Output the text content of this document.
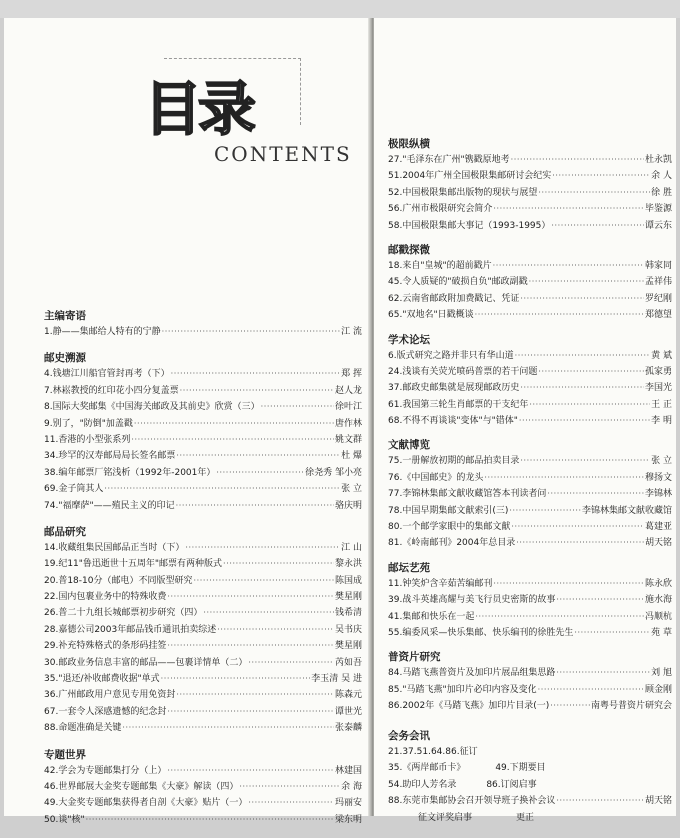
目录
CONTENTS
主编寄语
1.静——集邮给人特有的宁静 ·····	江 流
邮史溯源
4.钱塘江川船官管封再考（下） ·····	郑 挥
7.林崧教授的红印花小四分复盖票 ·····	赵人龙
8.国际大奖邮集《中国海关邮政及其前史》欣赏（三） ·····	徐叶江
9.别了，"防倒"加盖戳 ·····	唐作林
11.香港的小型张系列 ·····	姚文群
34.珍罕的汉寿邮局局长签名邮票 ·····	杜 爆
38.编年邮票厂铭浅析（1992年-2001年） ·····	徐尧秀 邹小亮
69.金子筒其人 ·····	张 立
74."福摩萨"——殖民主义的印记 ·····	骆庆明
邮品研究
14.收藏组集民国邮品正当时（下） ·····	江 山
19.纪11"鲁迅逝世十五周年"邮票有两种版式 ·····	黎永洪
20.普18-10分（邮电）不同版型研究 ·····	陈国成
22.国内包裹业务中的特殊收费 ·····	樊星刚
26.普二十九组长城邮票初步研究（四） ·····	钱希清
28.嘉德公司2003年邮品钱币通讯拍卖综述 ·····	吴书庆
29.补充特殊格式的条形码挂签 ·····	樊星刚
30.邮政业务信息丰富的邮品——包裹详情单（二） ·····	芮如吾
35."退还/补收邮费收据"单式 ·····	李玉清 吴 进
36.广州邮政用户意见专用免资封 ·····	陈森元
67.一套令人深感遗憾的纪念封 ·····	谭世光
88.命题准确是关键 ·····	张泰麟
专题世界
42.学会为专题邮集打分（上） ·····	林建国
46.世界邮展大金奖专题邮集《大豪》解读（四） ·····	余 海
49.大金奖专题邮集获得者自剖《大豪》贴片（一） ·····	玛丽安
50.谈"核" ·····	梁东明
极限纵横
27."毛泽东在广州"镌戳原地考 ·····	杜永凯
51.2004年广州全国极限集邮研讨会纪实 ·····	余 人
52.中国极限集邮出版物的现状与展望 ·····	徐 胜
56.广州市极限研究会简介 ·····	毕鉴源
58.中国极限集邮大事记（1993-1995） ·····	谭云东
邮戳探微
18.来自"皇城"的超前戳片 ·····	韩家同
45.令人质疑的"破损自负"邮政副戳 ·····	孟祥伟
62.云南省邮政附加费戳记、凭证 ·····	罗纪刚
65."双地名"日戳概谈 ·····	郑德望
学术论坛
6.版式研究之路并非只有华山道 ·····	黄 斌
24.浅谈有关荧光喷码普票的若干问题 ·····	孤家勇
37.邮政史邮集就是展现邮政历史 ·····	李国光
61.我国第三轮生肖邮票的干支纪年 ·····	王 正
68.不得不再谈谈"变体"与"错体" ·····	李 明
文献博览
75.一册解放初期的邮品拍卖目录 ·····	张 立
76.《中国邮史》的龙头 ·····	穆扬文
77.李锦林集邮文献收藏馆答本刊读者问 ·····	李锦林
78.中国早期集邮文献索引(三) ·····	李锦林集邮文献收藏馆
80.一个邮学家眼中的集邮文献 ·····	葛建亚
81.《岭南邮刊》2004年总目录 ·····	胡天铭
邮坛艺苑
11.钟笑炉含辛茹苦编邮刊 ·····	陈永欣
39.战斗英雄高耀与美飞行员史密斯的故事 ·····	施水海
41.集邮和快乐在一起 ·····	冯顺杭
55.编委风采—快乐集邮、快乐编刊的徐胜先生 ·····	苑 草
普资片研究
84.马踏飞燕普资片及加印片展品组集思路 ·····	刘 旭
85."马踏飞燕"加印片必印内容及变化 ·····	顾金刚
86.2002年《马踏飞燕》加印片目录(一) ·····	南粤号普资片研究会
会务会讯
21.37.51.64.86.征订
35.《两岸邮币卡》	49.下期要目
54.助印人芳名录	86.订阅启事
88.东莞市集邮协会召开领导班子换补会议 ·····	胡天铭
征文评奖启事	更正
